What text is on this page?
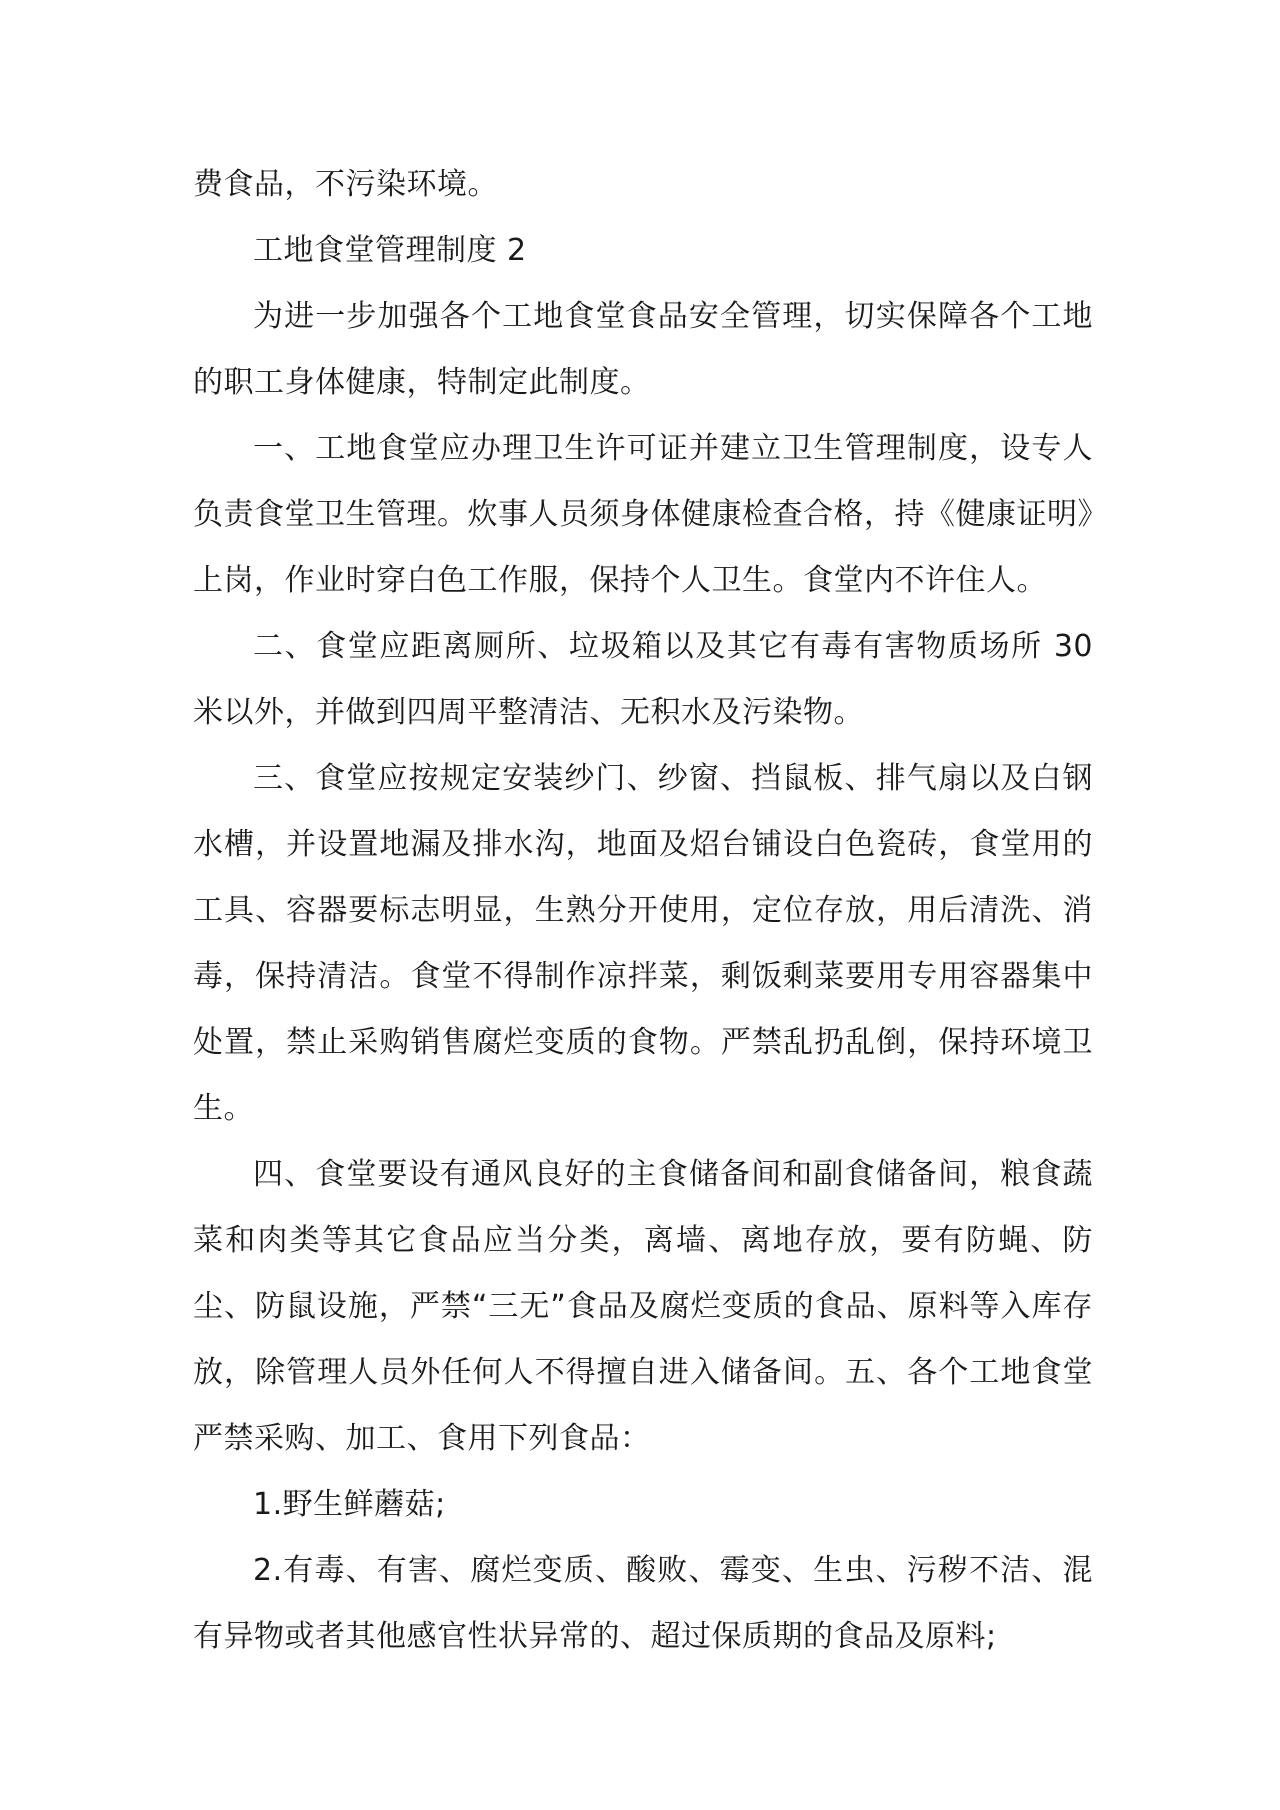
费食品，不污染环境。

工地食堂管理制度 2

为进一步加强各个工地食堂食品安全管理，切实保障各个工地的职工身体健康，特制定此制度。

一、工地食堂应办理卫生许可证并建立卫生管理制度，设专人负责食堂卫生管理。炊事人员须身体健康检查合格，持《健康证明》上岗，作业时穿白色工作服，保持个人卫生。食堂内不许住人。

二、食堂应距离厕所、垃圾箱以及其它有毒有害物质场所 30 米以外，并做到四周平整清洁、无积水及污染物。

三、食堂应按规定安装纱门、纱窗、挡鼠板、排气扇以及白钢水槽，并设置地漏及排水沟，地面及炤台铺设白色瓷砖，食堂用的工具、容器要标志明显，生熟分开使用，定位存放，用后清洗、消毒，保持清洁。食堂不得制作凉拌菜，剩饭剩菜要用专用容器集中处置，禁止采购销售腐烂变质的食物。严禁乱扔乱倒，保持环境卫生。

四、食堂要设有通风良好的主食储备间和副食储备间，粮食蔬菜和肉类等其它食品应当分类，离墙、离地存放，要有防蝇、防尘、防鼠设施，严禁“三无”食品及腐烂变质的食品、原料等入库存放，除管理人员外任何人不得擅自进入储备间。五、各个工地食堂严禁采购、加工、食用下列食品：

1.野生鲜蘑菇;

2.有毒、有害、腐烂变质、酸败、霉变、生虫、污秽不洁、混有异物或者其他感官性状异常的、超过保质期的食品及原料;
